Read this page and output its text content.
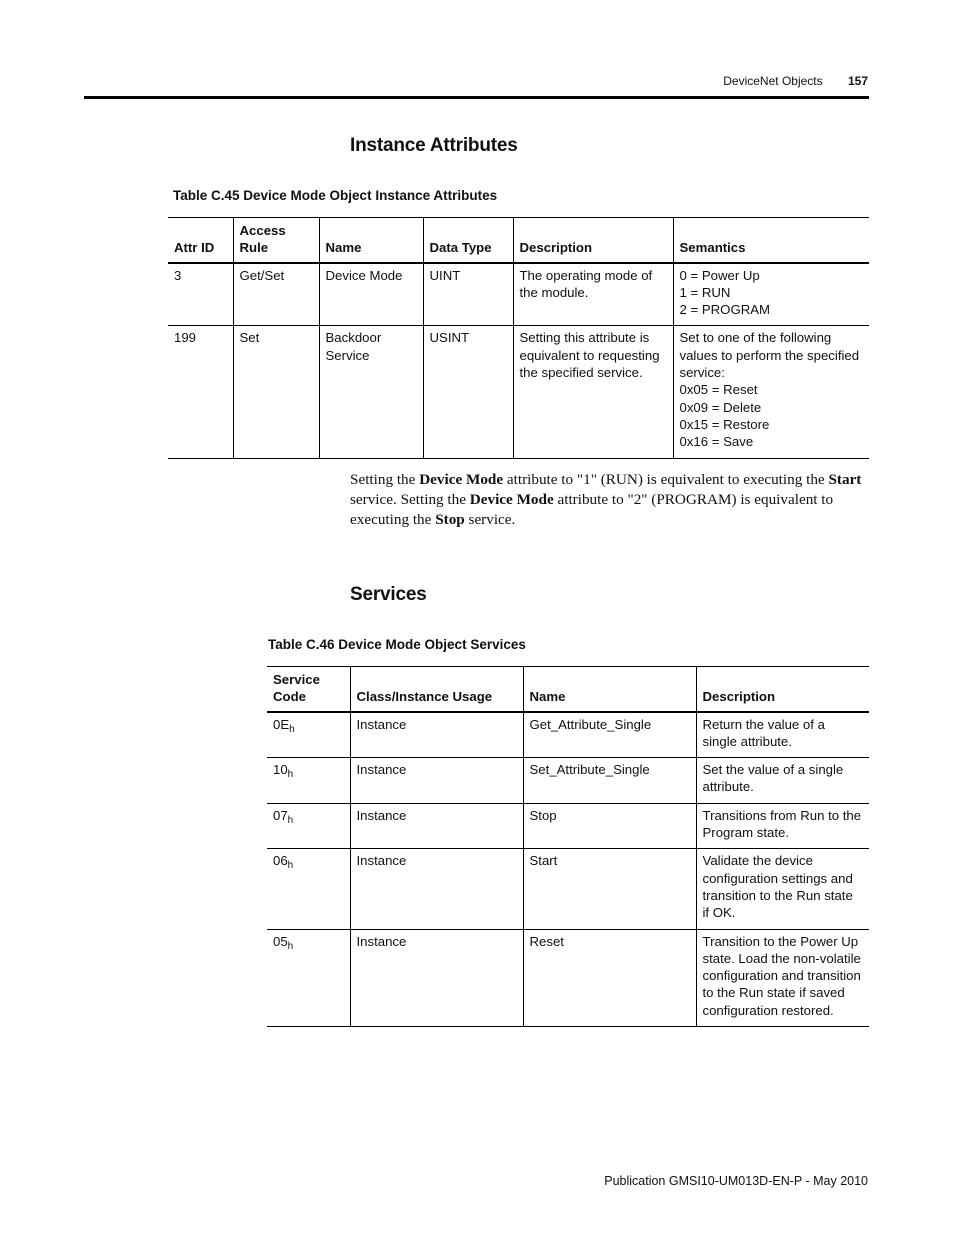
DeviceNet Objects 157
Instance Attributes

Table C.45 Device Mode Object Instance Attributes

Attr ID	Access Rule	Name	Data Type	Description	Semantics
3	Get/Set	Device Mode	UINT	The operating mode of the module.	0 = Power Up
1 = RUN
2 = PROGRAM
199	Set	Backdoor Service	USINT	Setting this attribute is equivalent to requesting the specified service.	Set to one of the following values to perform the specified service:
0x05 = Reset
0x09 = Delete
0x15 = Restore
0x16 = Save

Setting the Device Mode attribute to "1" (RUN) is equivalent to executing the Start service. Setting the Device Mode attribute to "2" (PROGRAM) is equivalent to executing the Stop service.

Services

Table C.46 Device Mode Object Services

Service Code	Class/Instance Usage	Name	Description
$0E_h$	Instance	Get_Attribute_Single	Return the value of a single attribute.
$10_h$	Instance	Set_Attribute_Single	Set the value of a single attribute.
$07_h$	Instance	Stop	Transitions from Run to the Program state.
$06_h$	Instance	Start	Validate the device configuration settings and transition to the Run state if OK.
$05_h$	Instance	Reset	Transition to the Power Up state. Load the non-volatile configuration and transition to the Run state if saved configuration restored.
Publication GMSI10-UM013D-EN-P - May 2010
